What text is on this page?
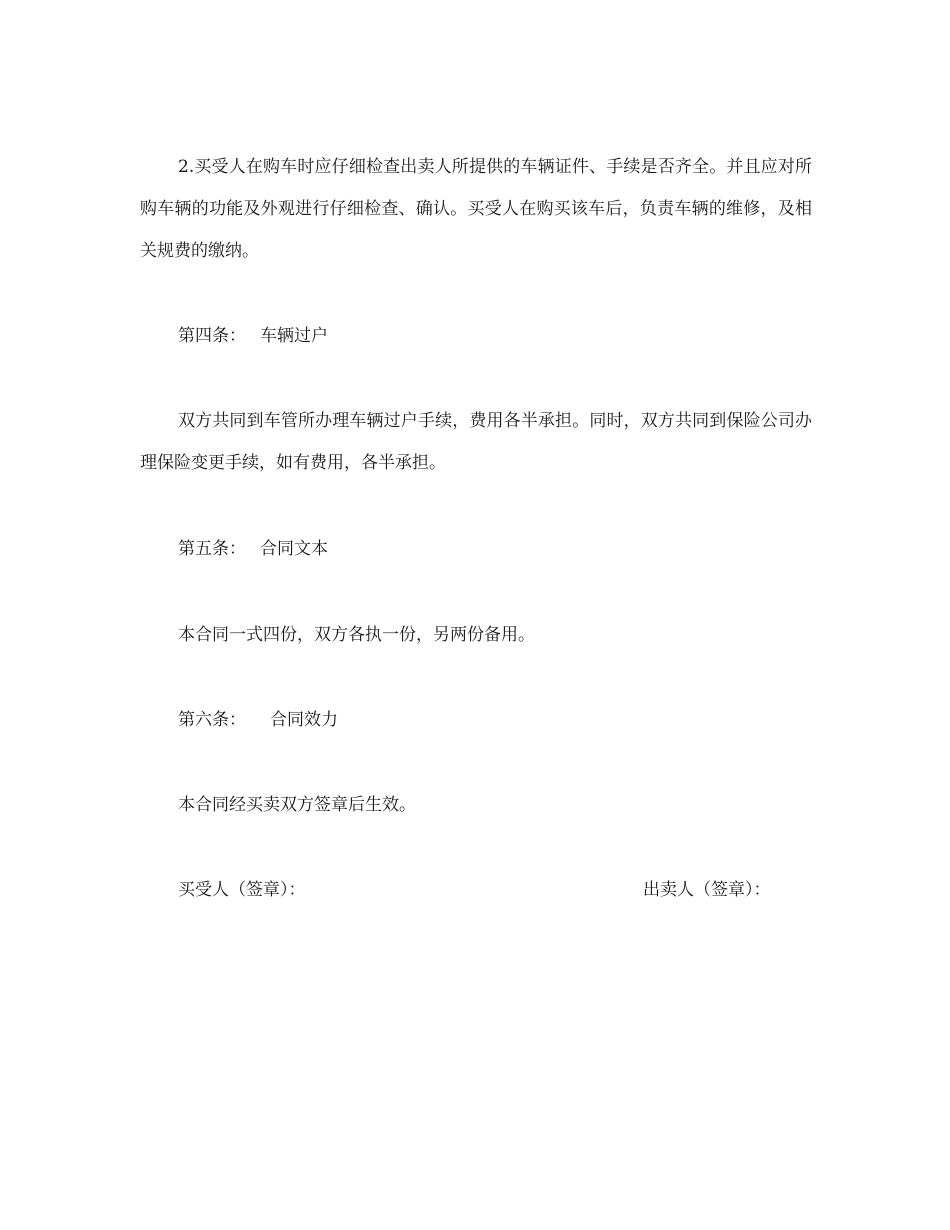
2.买受人在购车时应仔细检查出卖人所提供的车辆证件、手续是否齐全。并且应对所购车辆的功能及外观进行仔细检查、确认。买受人在购买该车后，负责车辆的维修，及相关规费的缴纳。

第四条： 车辆过户

双方共同到车管所办理车辆过户手续，费用各半承担。同时，双方共同到保险公司办理保险变更手续，如有费用，各半承担。

第五条： 合同文本
本合同一式四份，双方各执一份，另两份备用。
第六条： 合同效力
本合同经买卖双方签章后生效。
买受人（签章）：	出卖人（签章）：
